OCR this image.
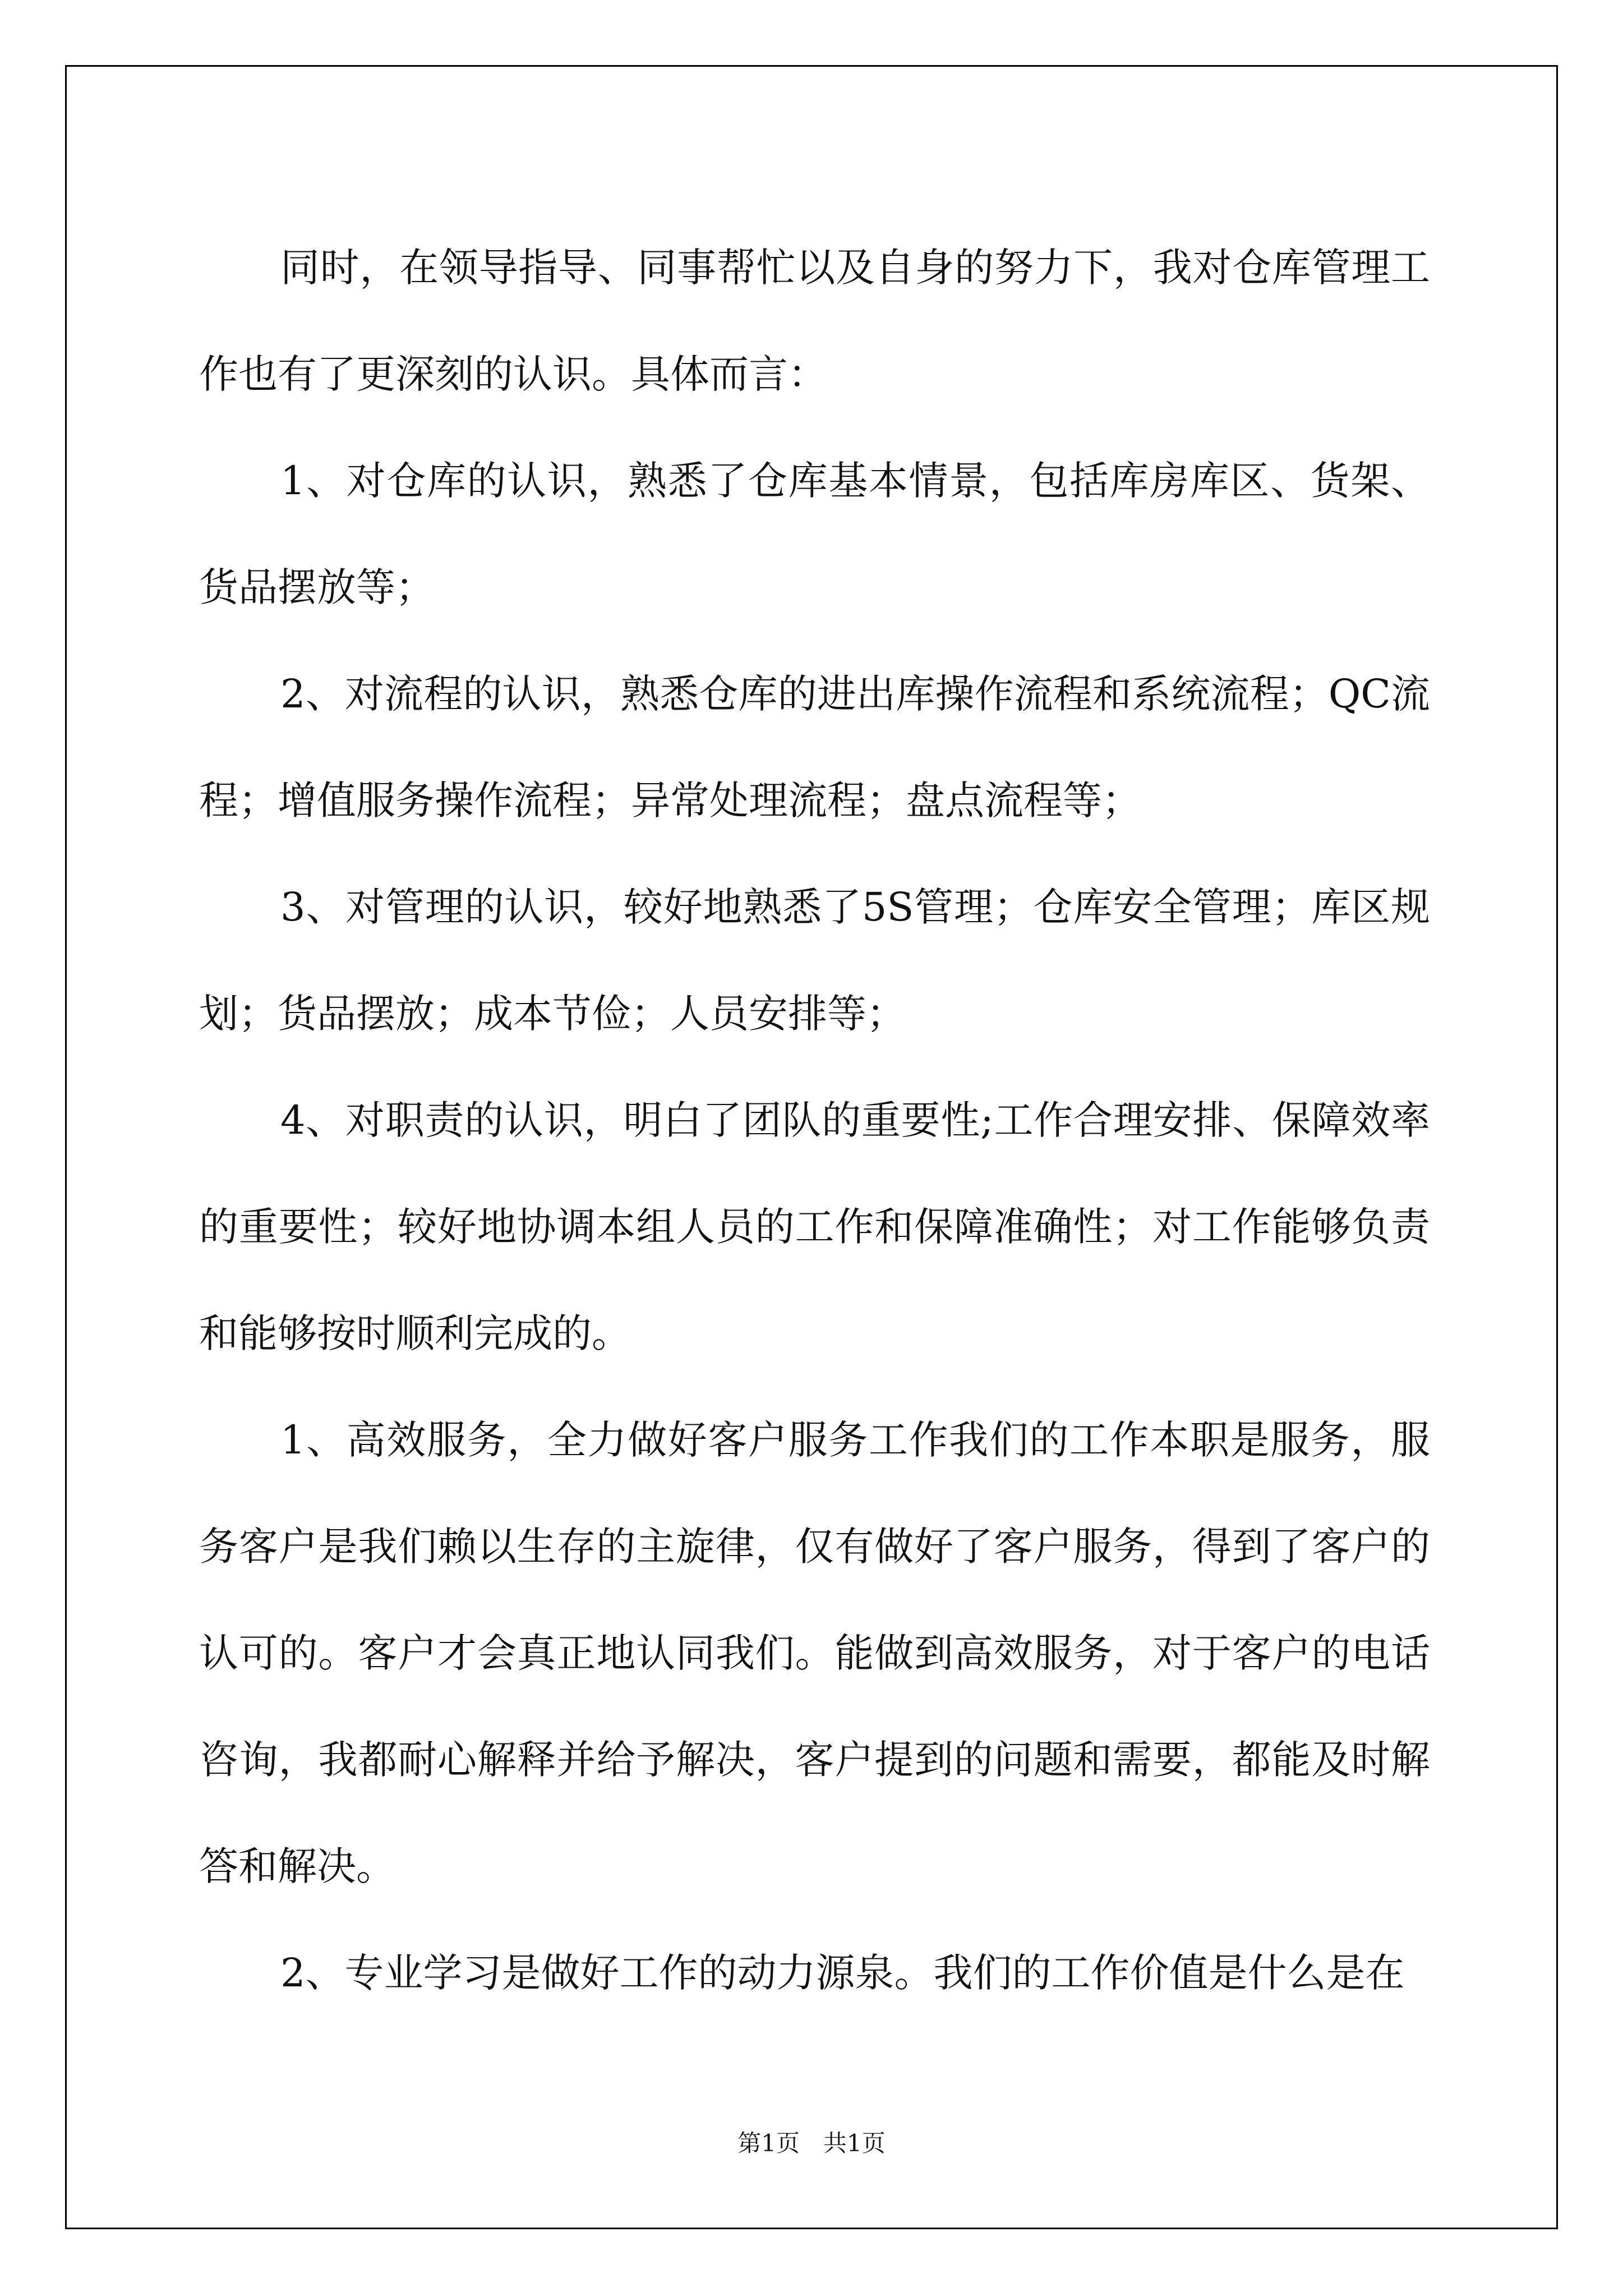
同时，在领导指导、同事帮忙以及自身的努力下，我对仓库管理工作也有了更深刻的认识。具体而言：

1、对仓库的认识，熟悉了仓库基本情景，包括库房库区、货架、货品摆放等；

2、对流程的认识，熟悉仓库的进出库操作流程和系统流程；QC流程；增值服务操作流程；异常处理流程；盘点流程等；

3、对管理的认识，较好地熟悉了5S管理；仓库安全管理；库区规划；货品摆放；成本节俭；人员安排等；

4、对职责的认识，明白了团队的重要性;工作合理安排、保障效率的重要性；较好地协调本组人员的工作和保障准确性；对工作能够负责和能够按时顺利完成的。

1、高效服务，全力做好客户服务工作我们的工作本职是服务，服务客户是我们赖以生存的主旋律，仅有做好了客户服务，得到了客户的认可的。客户才会真正地认同我们。能做到高效服务，对于客户的电话咨询，我都耐心解释并给予解决，客户提到的问题和需要，都能及时解答和解决。

2、专业学习是做好工作的动力源泉。我们的工作价值是什么是在

第1页　共1页
